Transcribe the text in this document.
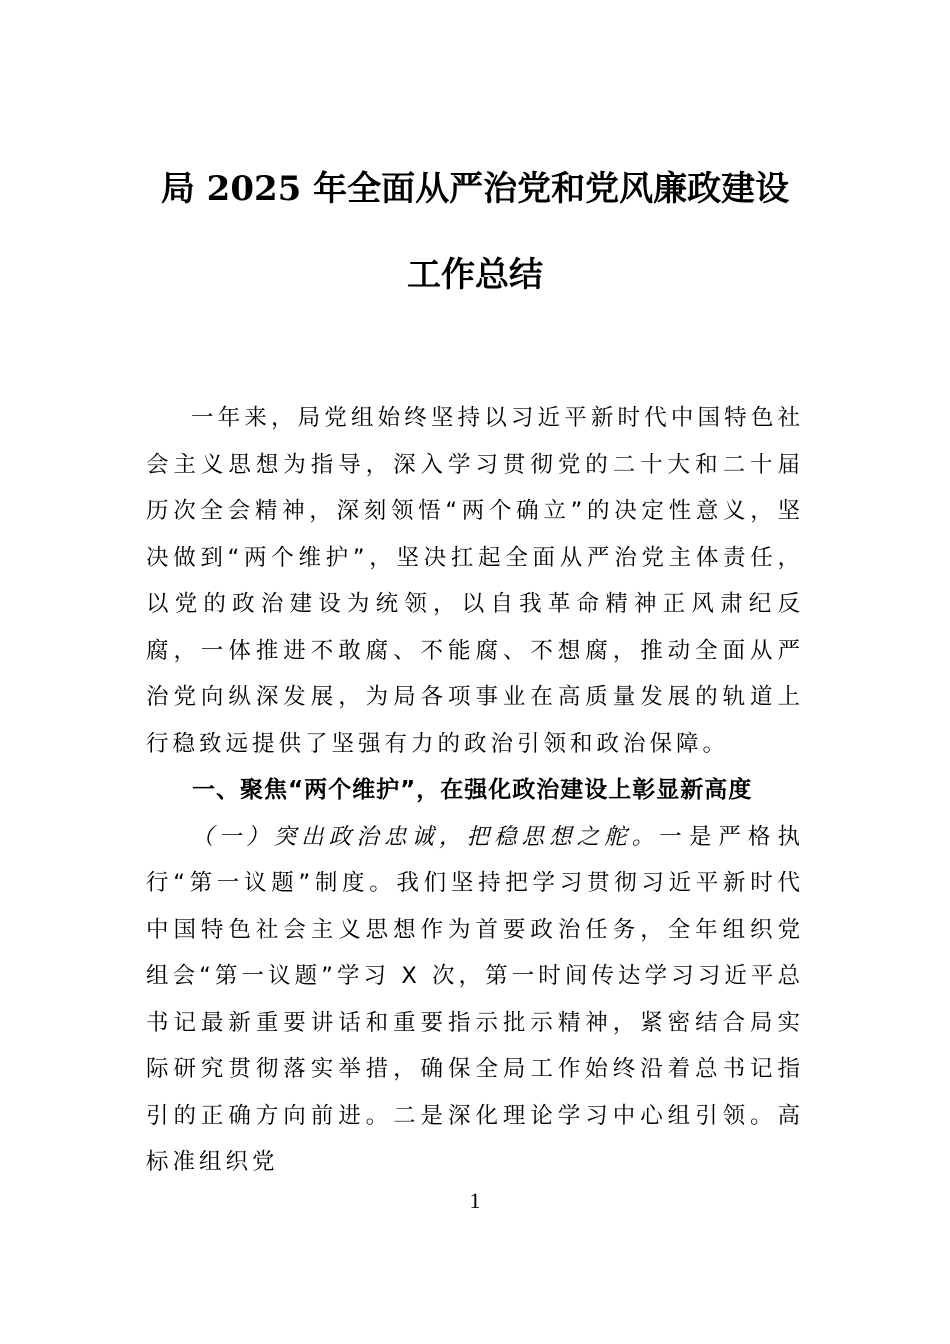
局 2025 年全面从严治党和党风廉政建设工作总结

一年来，局党组始终坚持以习近平新时代中国特色社会主义思想为指导，深入学习贯彻党的二十大和二十届历次全会精神，深刻领悟“两个确立”的决定性意义，坚决做到“两个维护”，坚决扛起全面从严治党主体责任，以党的政治建设为统领，以自我革命精神正风肃纪反腐，一体推进不敢腐、不能腐、不想腐，推动全面从严治党向纵深发展，为局各项事业在高质量发展的轨道上行稳致远提供了坚强有力的政治引领和政治保障。

一、聚焦“两个维护”，在强化政治建设上彰显新高度

（一）突出政治忠诚，把稳思想之舵。一是严格执行“第一议题”制度。我们坚持把学习贯彻习近平新时代中国特色社会主义思想作为首要政治任务，全年组织党组会“第一议题”学习 X 次，第一时间传达学习习近平总书记最新重要讲话和重要指示批示精神，紧密结合局实际研究贯彻落实举措，确保全局工作始终沿着总书记指引的正确方向前进。二是深化理论学习中心组引领。高标准组织党

1
